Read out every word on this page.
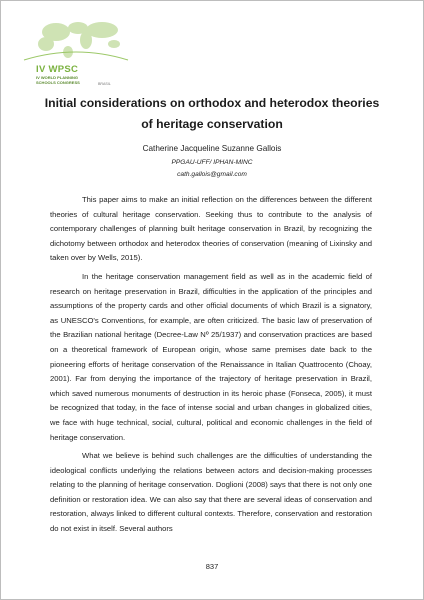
IV WPSC
IV WORLD PLANNING SCHOOLS CONGRESS	BRASIL
Initial considerations on orthodox and heterodox theories of heritage conservation
Catherine Jacqueline Suzanne Gallois
PPGAU-UFF/ IPHAN-MINC
cath.gallois@gmail.com

This paper aims to make an initial reflection on the differences between the different theories of cultural heritage conservation. Seeking thus to contribute to the analysis of contemporary challenges of planning built heritage conservation in Brazil, by recognizing the dichotomy between orthodox and heterodox theories of conservation (meaning of Lixinsky and taken over by Wells, 2015).

In the heritage conservation management field as well as in the academic field of research on heritage preservation in Brazil, difficulties in the application of the principles and assumptions of the property cards and other official documents of which Brazil is a signatory, as UNESCO's Conventions, for example, are often criticized. The basic law of preservation of the Brazilian national heritage (Decree-Law Nº 25/1937) and conservation practices are based on a theoretical framework of European origin, whose same premises date back to the pioneering efforts of heritage conservation of the Renaissance in Italian Quattrocento (Choay, 2001). Far from denying the importance of the trajectory of heritage preservation in Brazil, which saved numerous monuments of destruction in its heroic phase (Fonseca, 2005), it must be recognized that today, in the face of intense social and urban changes in globalized cities, we face with huge technical, social, cultural, political and economic challenges in the field of heritage conservation.

What we believe is behind such challenges are the difficulties of understanding the ideological conflicts underlying the relations between actors and decision-making processes relating to the planning of heritage conservation. Doglioni (2008) says that there is not only one definition or restoration idea. We can also say that there are several ideas of conservation and restoration, always linked to different cultural contexts. Therefore, conservation and restoration do not exist in itself. Several authors

837
